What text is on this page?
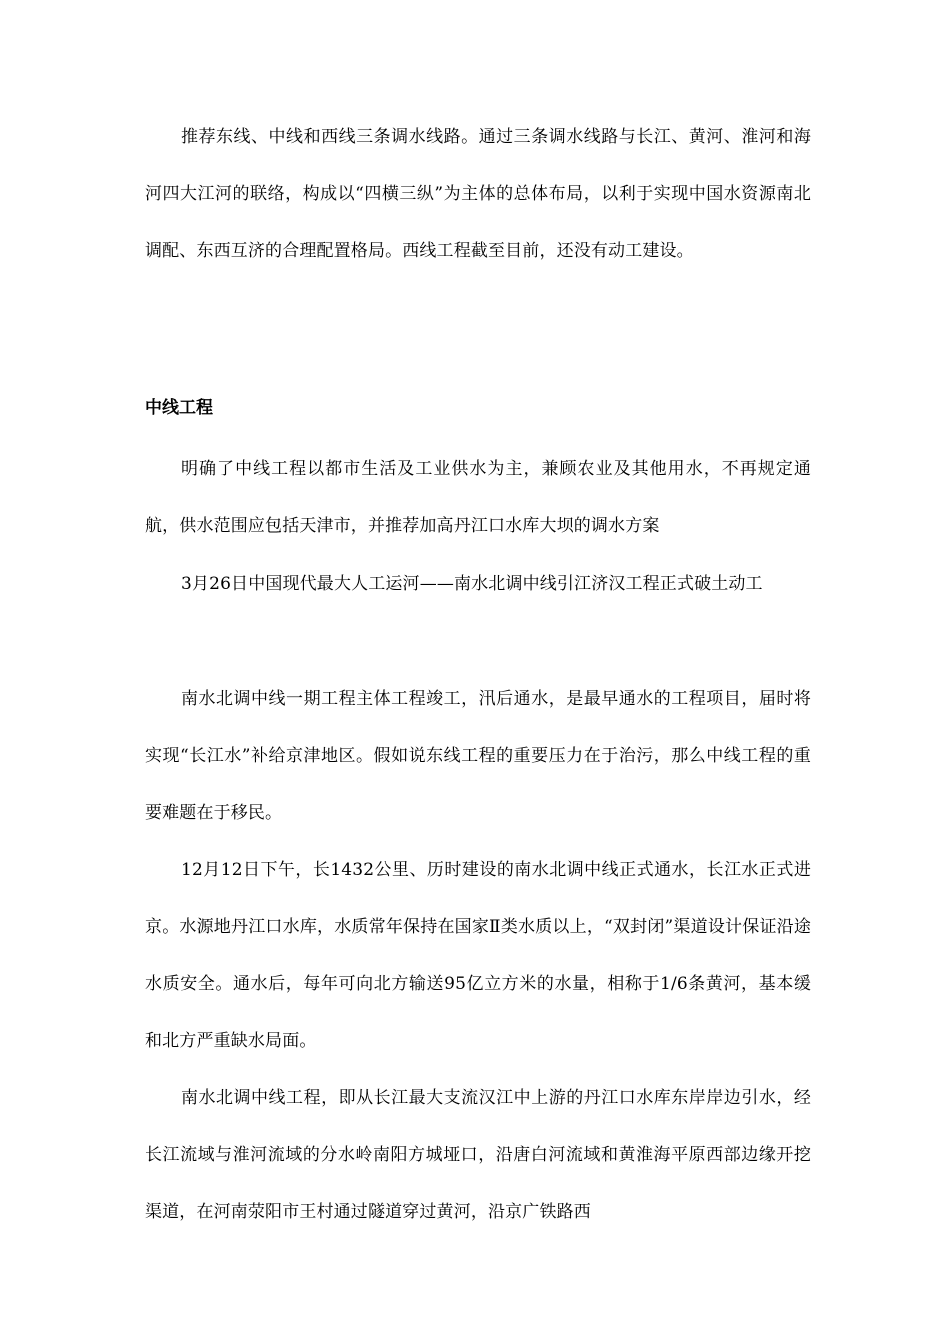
推荐东线、中线和西线三条调水线路。通过三条调水线路与长江、黄河、淮河和海河四大江河的联络，构成以“四横三纵”为主体的总体布局，以利于实现中国水资源南北调配、东西互济的合理配置格局。西线工程截至目前，还没有动工建设。

中线工程

明确了中线工程以都市生活及工业供水为主，兼顾农业及其他用水，不再规定通航，供水范围应包括天津市，并推荐加高丹江口水库大坝的调水方案

3月26日中国现代最大人工运河——南水北调中线引江济汉工程正式破土动工

南水北调中线一期工程主体工程竣工，汛后通水，是最早通水的工程项目，届时将实现“长江水”补给京津地区。假如说东线工程的重要压力在于治污，那么中线工程的重要难题在于移民。

12月12日下午，长1432公里、历时建设的南水北调中线正式通水，长江水正式进京。水源地丹江口水库，水质常年保持在国家Ⅱ类水质以上，“双封闭”渠道设计保证沿途水质安全。通水后，每年可向北方输送95亿立方米的水量，相称于1/6条黄河，基本缓和北方严重缺水局面。

南水北调中线工程，即从长江最大支流汉江中上游的丹江口水库东岸岸边引水，经长江流域与淮河流域的分水岭南阳方城垭口，沿唐白河流域和黄淮海平原西部边缘开挖渠道，在河南荥阳市王村通过隧道穿过黄河，沿京广铁路西
